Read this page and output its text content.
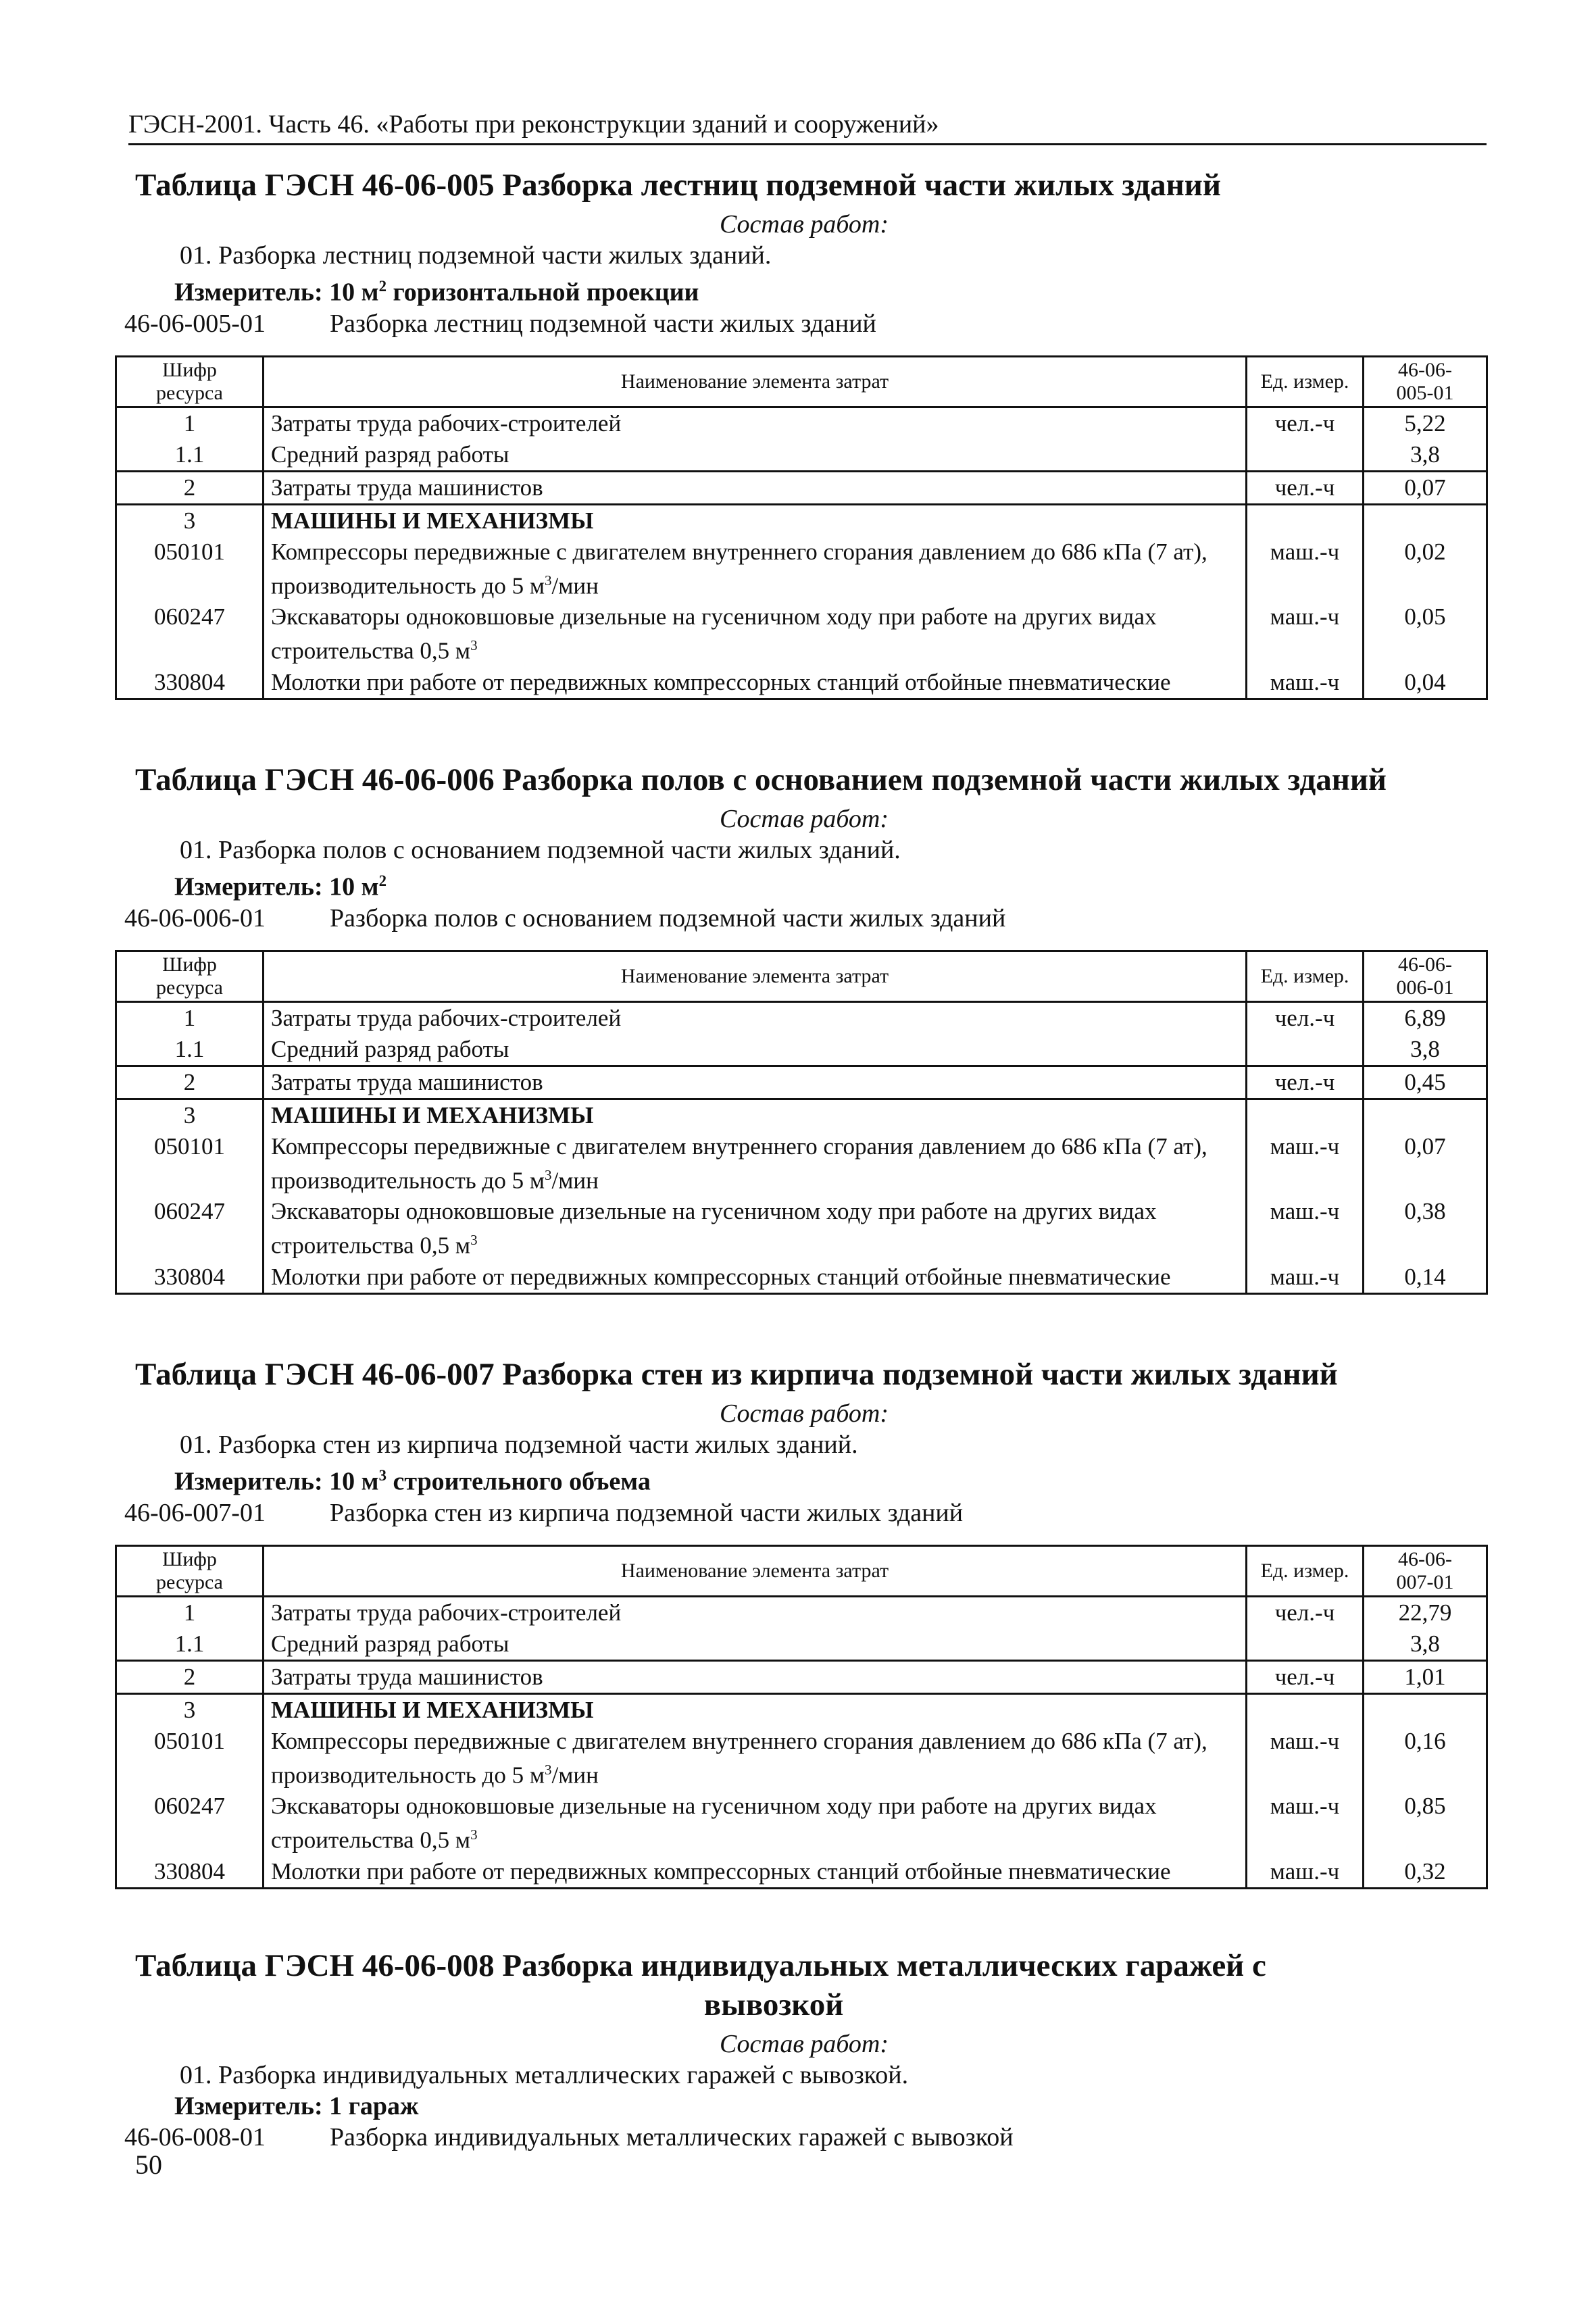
ГЭСН-2001. Часть 46. «Работы при реконструкции зданий и сооружений»
Таблица ГЭСН 46-06-005 Разборка лестниц подземной части жилых зданий
Состав работ:
01. Разборка лестниц подземной части жилых зданий.
Измеритель: 10 $м^2$ горизонтальной проекции
46-06-005-01	Разборка лестниц подземной части жилых зданий
Шифр
ресурса	Наименование элемента затрат	Ед. измер.	46-06-
005-01
1	Затраты труда рабочих-строителей	чел.-ч	5,22
1.1	Средний разряд работы		3,8
2	Затраты труда машинистов	чел.-ч	0,07
3	МАШИНЫ И МЕХАНИЗМЫ		
050101	Компрессоры передвижные с двигателем внутреннего сгорания давлением до 686 кПа (7 ат), производительность до 5 $м^3$/мин	маш.-ч	0,02
060247	Экскаваторы одноковшовые дизельные на гусеничном ходу при работе на других видах строительства 0,5 $м^3$	маш.-ч	0,05
330804	Молотки при работе от передвижных компрессорных станций отбойные пневматические	маш.-ч	0,04
Таблица ГЭСН 46-06-006 Разборка полов с основанием подземной части жилых зданий
Состав работ:
01. Разборка полов с основанием подземной части жилых зданий.
Измеритель: 10 $м^2$
46-06-006-01	Разборка полов с основанием подземной части жилых зданий
Шифр
ресурса	Наименование элемента затрат	Ед. измер.	46-06-
006-01
1	Затраты труда рабочих-строителей	чел.-ч	6,89
1.1	Средний разряд работы		3,8
2	Затраты труда машинистов	чел.-ч	0,45
3	МАШИНЫ И МЕХАНИЗМЫ		
050101	Компрессоры передвижные с двигателем внутреннего сгорания давлением до 686 кПа (7 ат), производительность до 5 $м^3$/мин	маш.-ч	0,07
060247	Экскаваторы одноковшовые дизельные на гусеничном ходу при работе на других видах строительства 0,5 $м^3$	маш.-ч	0,38
330804	Молотки при работе от передвижных компрессорных станций отбойные пневматические	маш.-ч	0,14
Таблица ГЭСН 46-06-007 Разборка стен из кирпича подземной части жилых зданий
Состав работ:
01. Разборка стен из кирпича подземной части жилых зданий.
Измеритель: 10 $м^3$ строительного объема
46-06-007-01	Разборка стен из кирпича подземной части жилых зданий
Шифр
ресурса	Наименование элемента затрат	Ед. измер.	46-06-
007-01
1	Затраты труда рабочих-строителей	чел.-ч	22,79
1.1	Средний разряд работы		3,8
2	Затраты труда машинистов	чел.-ч	1,01
3	МАШИНЫ И МЕХАНИЗМЫ		
050101	Компрессоры передвижные с двигателем внутреннего сгорания давлением до 686 кПа (7 ат), производительность до 5 $м^3$/мин	маш.-ч	0,16
060247	Экскаваторы одноковшовые дизельные на гусеничном ходу при работе на других видах строительства 0,5 $м^3$	маш.-ч	0,85
330804	Молотки при работе от передвижных компрессорных станций отбойные пневматические	маш.-ч	0,32
Таблица ГЭСН 46-06-008 Разборка индивидуальных металлических гаражей с
вывозкой
Состав работ:
01. Разборка индивидуальных металлических гаражей с вывозкой.
Измеритель: 1 гараж
46-06-008-01	Разборка индивидуальных металлических гаражей с вывозкой
50
